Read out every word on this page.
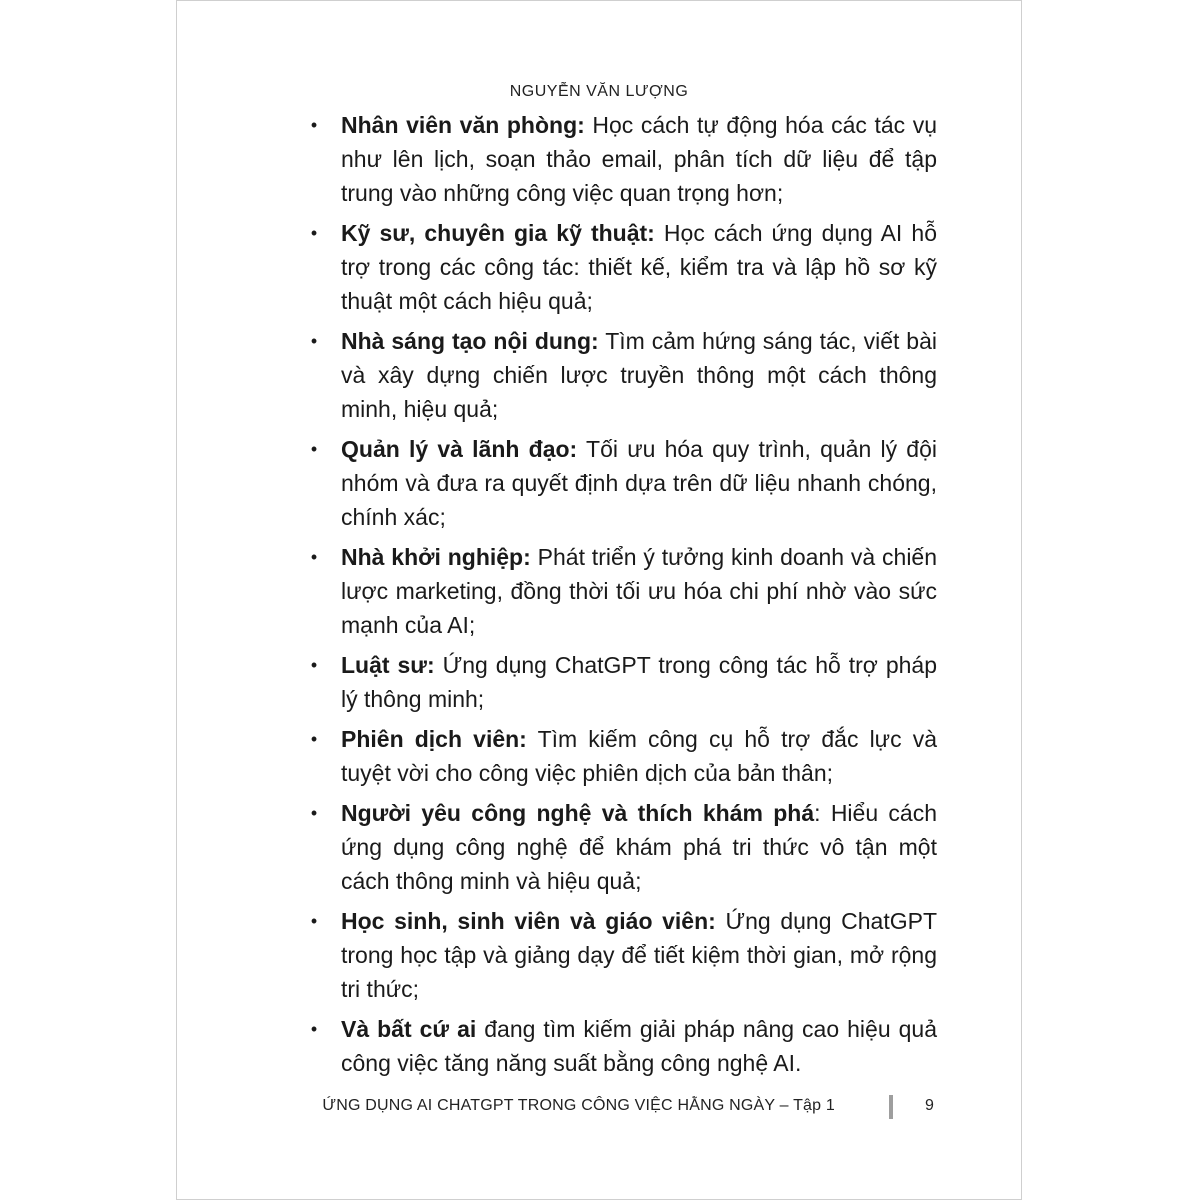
NGUYỄN VĂN LƯỢNG
• Nhân viên văn phòng: Học cách tự động hóa các tác vụ như lên lịch, soạn thảo email, phân tích dữ liệu để tập trung vào những công việc quan trọng hơn;
• Kỹ sư, chuyên gia kỹ thuật: Học cách ứng dụng AI hỗ trợ trong các công tác: thiết kế, kiểm tra và lập hồ sơ kỹ thuật một cách hiệu quả;
• Nhà sáng tạo nội dung: Tìm cảm hứng sáng tác, viết bài và xây dựng chiến lược truyền thông một cách thông minh, hiệu quả;
• Quản lý và lãnh đạo: Tối ưu hóa quy trình, quản lý đội nhóm và đưa ra quyết định dựa trên dữ liệu nhanh chóng, chính xác;
• Nhà khởi nghiệp: Phát triển ý tưởng kinh doanh và chiến lược marketing, đồng thời tối ưu hóa chi phí nhờ vào sức mạnh của AI;
• Luật sư: Ứng dụng ChatGPT trong công tác hỗ trợ pháp lý thông minh;
• Phiên dịch viên: Tìm kiếm công cụ hỗ trợ đắc lực và tuyệt vời cho công việc phiên dịch của bản thân;
• Người yêu công nghệ và thích khám phá: Hiểu cách ứng dụng công nghệ để khám phá tri thức vô tận một cách thông minh và hiệu quả;
• Học sinh, sinh viên và giáo viên: Ứng dụng ChatGPT trong học tập và giảng dạy để tiết kiệm thời gian, mở rộng tri thức;
• Và bất cứ ai đang tìm kiếm giải pháp nâng cao hiệu quả công việc tăng năng suất bằng công nghệ AI.
ỨNG DỤNG AI CHATGPT TRONG CÔNG VIỆC HẰNG NGÀY – Tập 1	9
